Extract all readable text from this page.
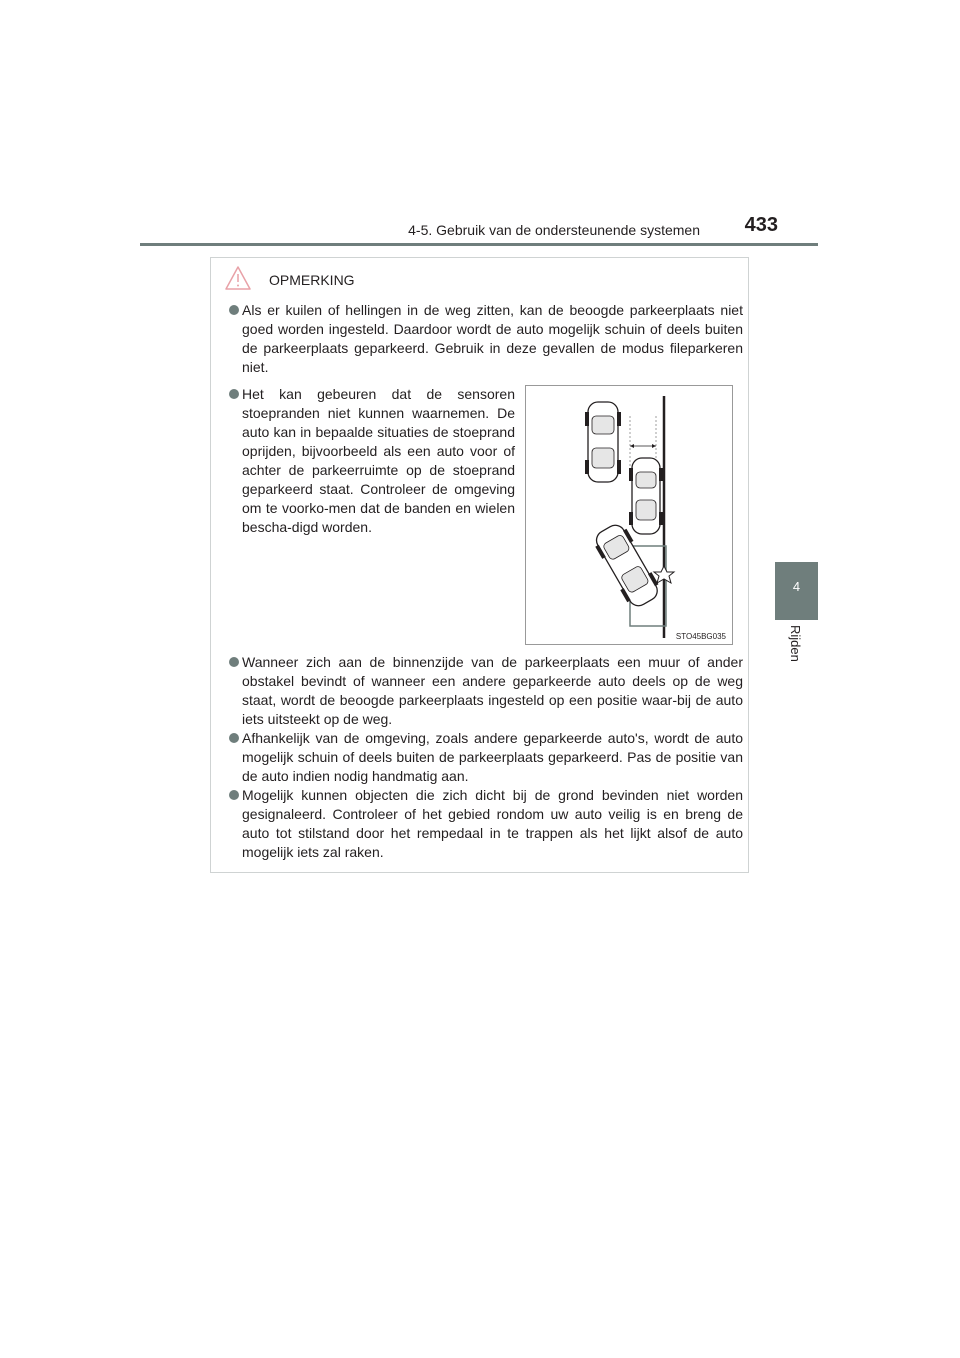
4-5. Gebruik van de ondersteunende systemen	433
4
Rijden
OPMERKING
Als er kuilen of hellingen in de weg zitten, kan de beoogde parkeerplaats niet goed worden ingesteld. Daardoor wordt de auto mogelijk schuin of deels buiten de parkeerplaats geparkeerd. Gebruik in deze gevallen de modus fileparkeren niet.
Het kan gebeuren dat de sensoren stoepranden niet kunnen waarnemen. De auto kan in bepaalde situaties de stoeprand oprijden, bijvoorbeeld als een auto voor of achter de parkeerruimte op de stoeprand geparkeerd staat. Controleer de omgeving om te voorko-men dat de banden en wielen bescha-digd worden.
STO45BG035
Wanneer zich aan de binnenzijde van de parkeerplaats een muur of ander obstakel bevindt of wanneer een andere geparkeerde auto deels op de weg staat, wordt de beoogde parkeerplaats ingesteld op een positie waar-bij de auto iets uitsteekt op de weg.
Afhankelijk van de omgeving, zoals andere geparkeerde auto's, wordt de auto mogelijk schuin of deels buiten de parkeerplaats geparkeerd. Pas de positie van de auto indien nodig handmatig aan.
Mogelijk kunnen objecten die zich dicht bij de grond bevinden niet worden gesignaleerd. Controleer of het gebied rondom uw auto veilig is en breng de auto tot stilstand door het rempedaal in te trappen als het lijkt alsof de auto mogelijk iets zal raken.
